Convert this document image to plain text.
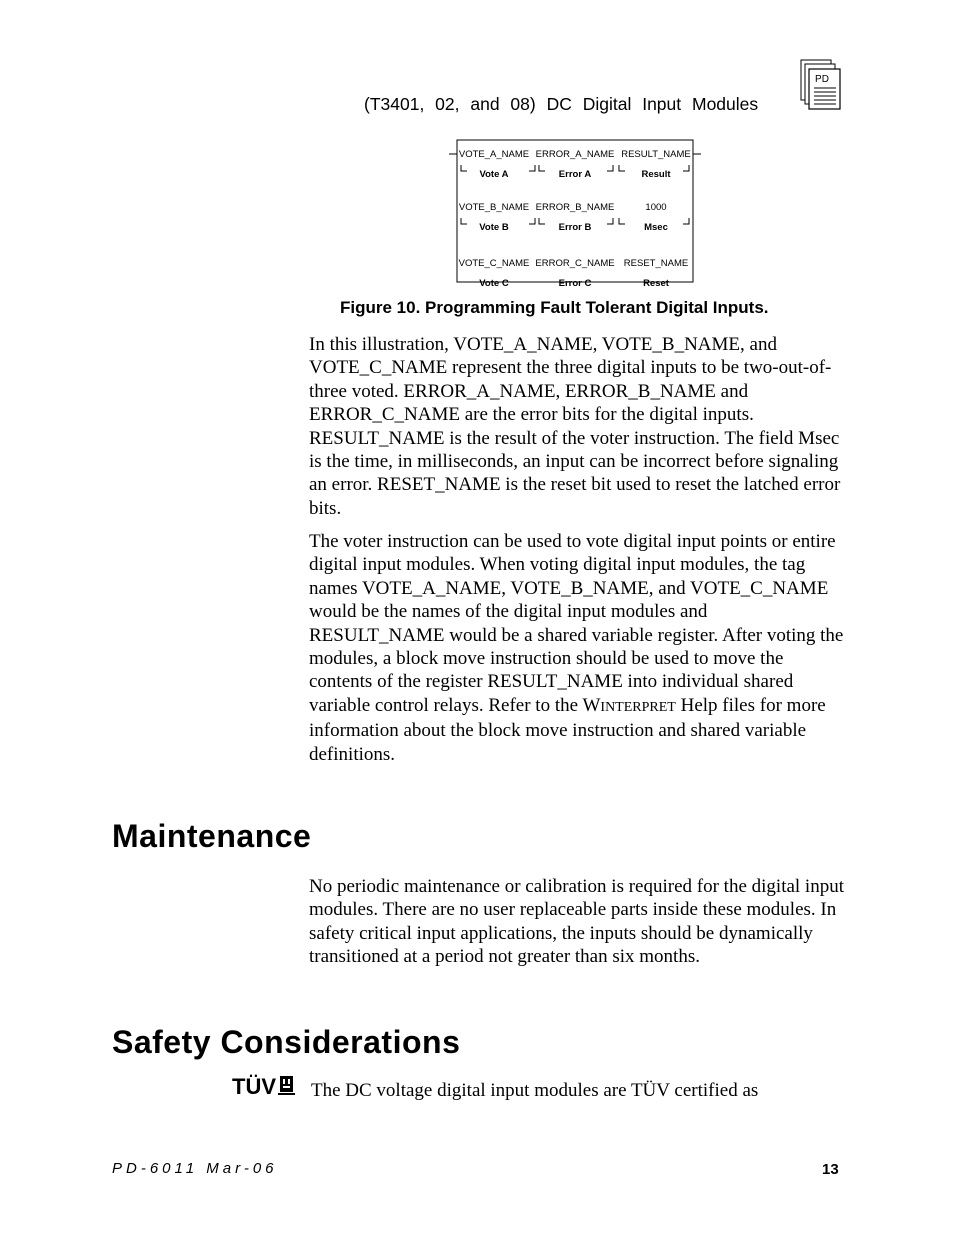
(T3401, 02, and 08) DC Digital Input Modules
PD
VOTE_A_NAME ERROR_A_NAME RESULT_NAME
Vote A	Error A	Result
VOTE_B_NAME ERROR_B_NAME	1000
Vote B	Error B	Msec
VOTE_C_NAME ERROR_C_NAME RESET_NAME
Vote C	Error C	Reset
Figure 10. Programming Fault Tolerant Digital Inputs.

In this illustration, VOTE_A_NAME, VOTE_B_NAME, and VOTE_C_NAME represent the three digital inputs to be two-out-of-three voted. ERROR_A_NAME, ERROR_B_NAME and ERROR_C_NAME are the error bits for the digital inputs. RESULT_NAME is the result of the voter instruction. The field Msec is the time, in milliseconds, an input can be incorrect before signaling an error. RESET_NAME is the reset bit used to reset the latched error bits.

The voter instruction can be used to vote digital input points or entire digital input modules. When voting digital input modules, the tag names VOTE_A_NAME, VOTE_B_NAME, and VOTE_C_NAME would be the names of the digital input modules and RESULT_NAME would be a shared variable register. After voting the modules, a block move instruction should be used to move the contents of the register RESULT_NAME into individual shared variable control relays. Refer to the WINTERPRET Help files for more information about the block move instruction and shared variable definitions.

Maintenance

No periodic maintenance or calibration is required for the digital input modules. There are no user replaceable parts inside these modules. In safety critical input applications, the inputs should be dynamically transitioned at a period not greater than six months.

Safety Considerations
TÜV The DC voltage digital input modules are TÜV certified as

PD-6011 Mar-06	13
